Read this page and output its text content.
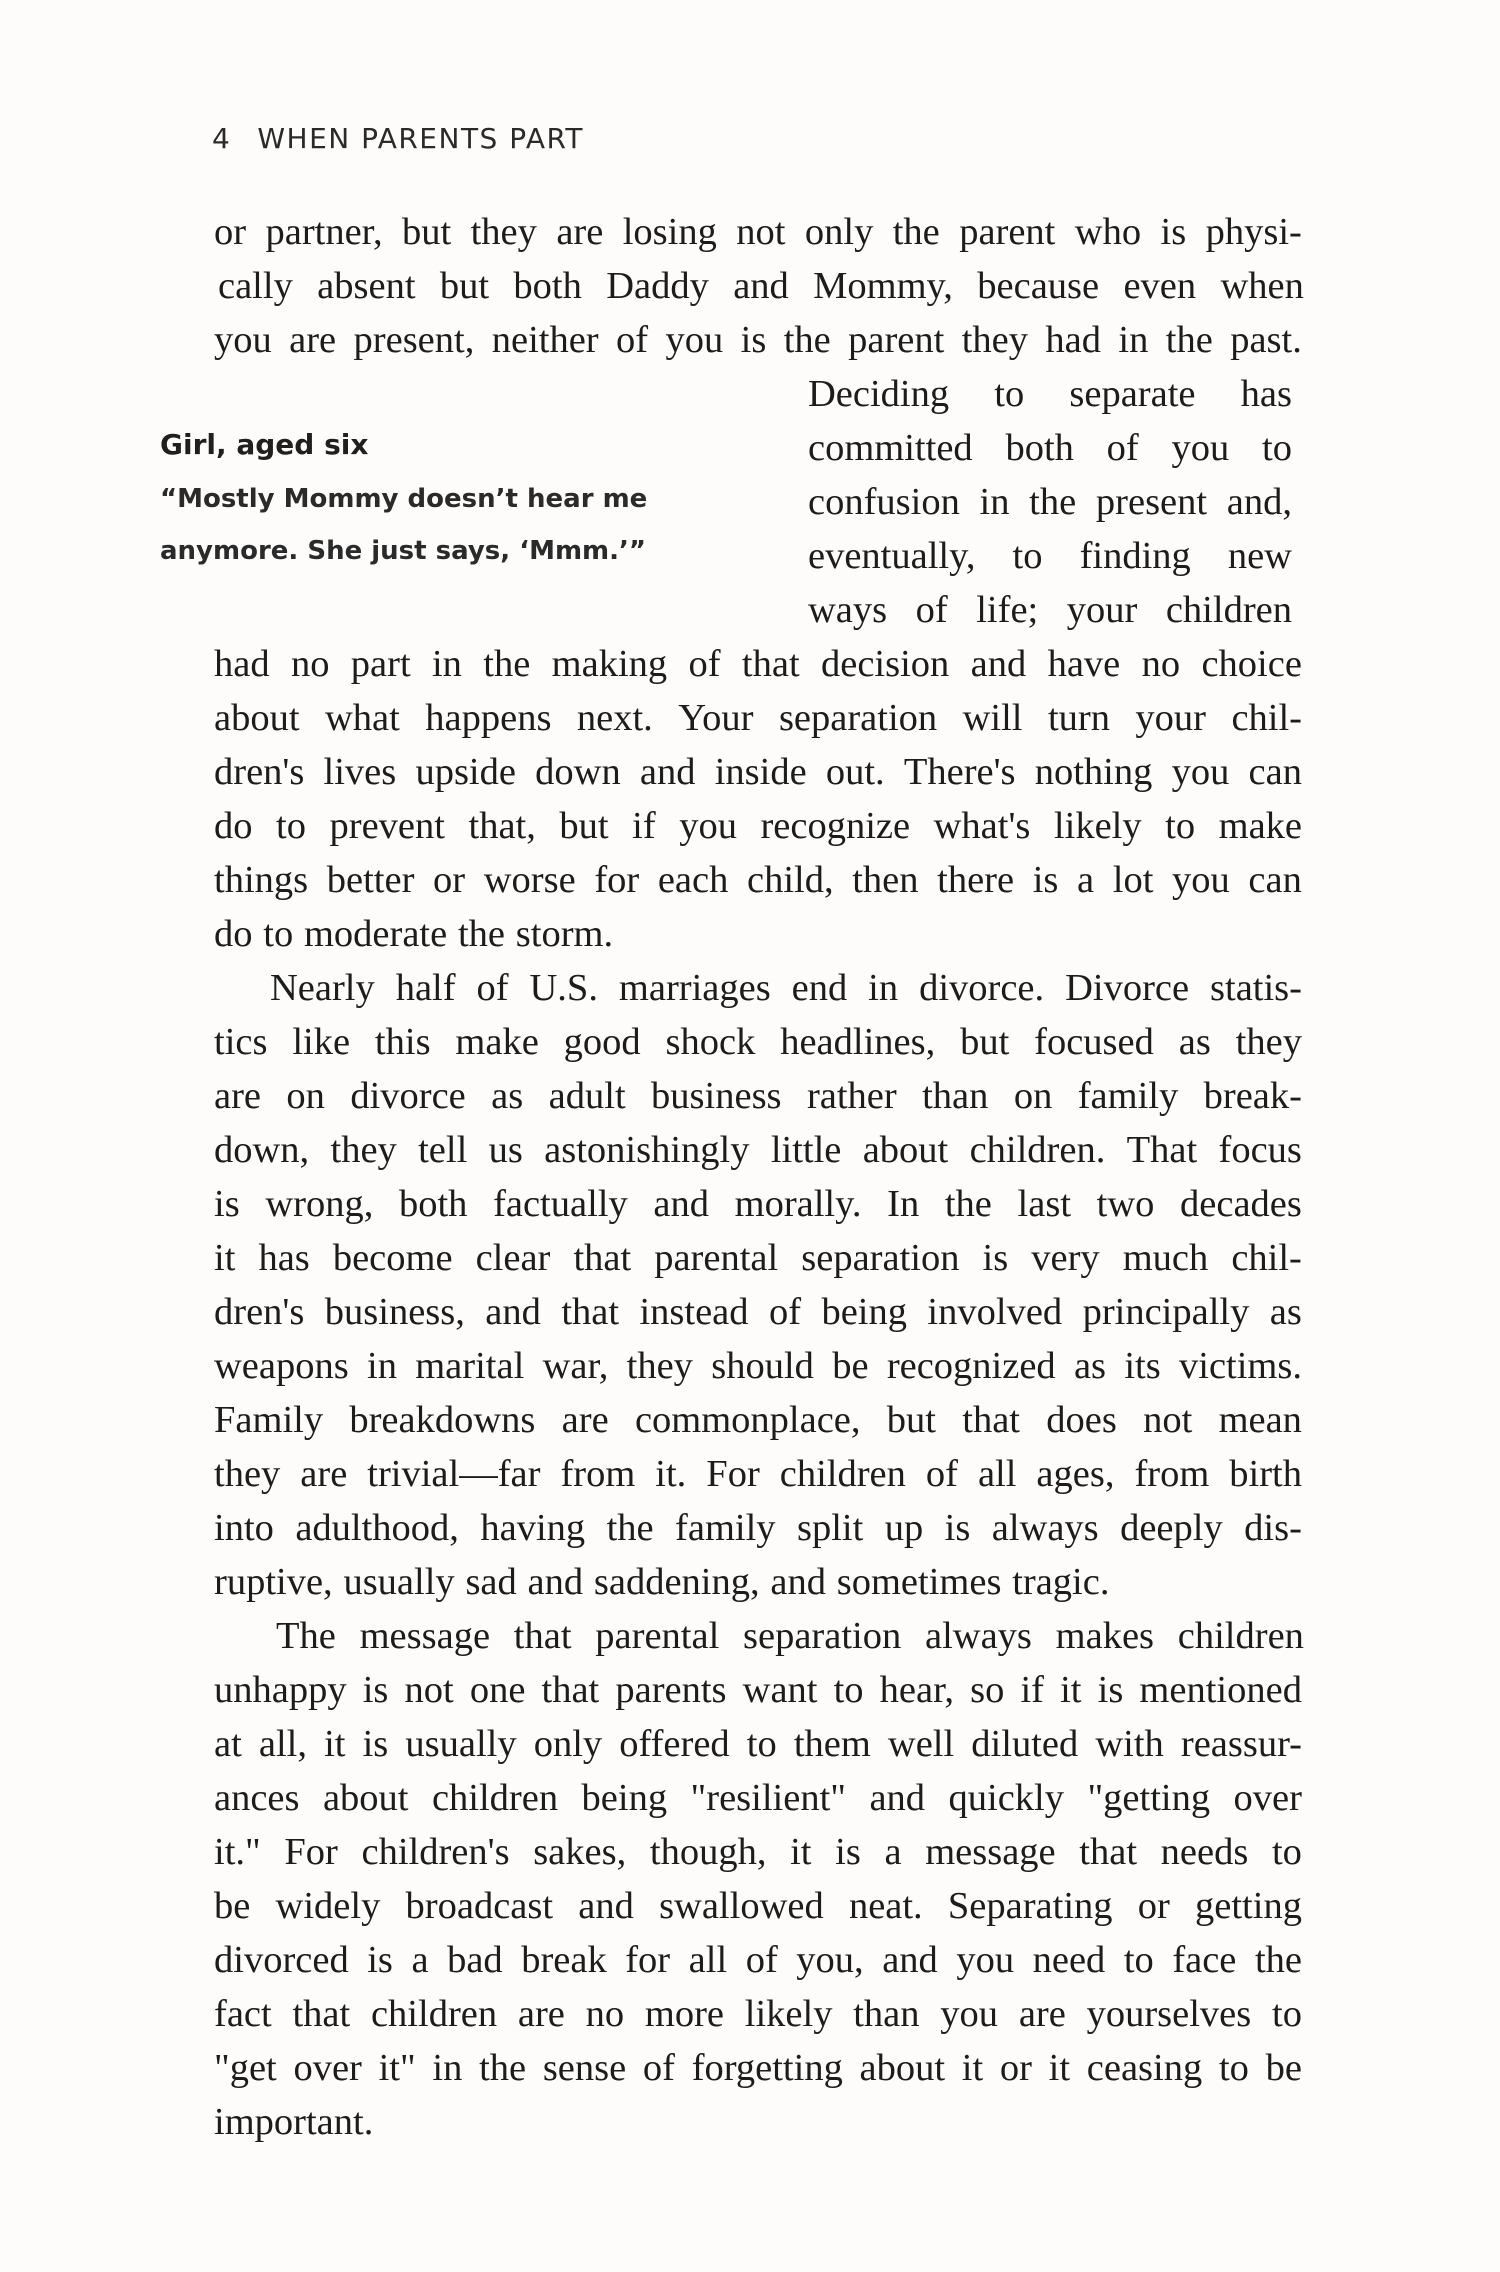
4 WHEN PARENTS PART
Girl, aged six
“Mostly Mommy doesn’t hear me
anymore. She just says, ‘Mmm.’”
or partner, but they are losing not only the parent who is physi-
cally absent but both Daddy and Mommy, because even when
you are present, neither of you is the parent they had in the past.
Deciding to separate has
committed both of you to
confusion in the present and,
eventually, to finding new
ways of life; your children
had no part in the making of that decision and have no choice
about what happens next. Your separation will turn your chil-
dren's lives upside down and inside out. There's nothing you can
do to prevent that, but if you recognize what's likely to make
things better or worse for each child, then there is a lot you can
do to moderate the storm.
Nearly half of U.S. marriages end in divorce. Divorce statis-
tics like this make good shock headlines, but focused as they
are on divorce as adult business rather than on family break-
down, they tell us astonishingly little about children. That focus
is wrong, both factually and morally. In the last two decades
it has become clear that parental separation is very much chil-
dren's business, and that instead of being involved principally as
weapons in marital war, they should be recognized as its victims.
Family breakdowns are commonplace, but that does not mean
they are trivial—far from it. For children of all ages, from birth
into adulthood, having the family split up is always deeply dis-
ruptive, usually sad and saddening, and sometimes tragic.
The message that parental separation always makes children
unhappy is not one that parents want to hear, so if it is mentioned
at all, it is usually only offered to them well diluted with reassur-
ances about children being "resilient" and quickly "getting over
it." For children's sakes, though, it is a message that needs to
be widely broadcast and swallowed neat. Separating or getting
divorced is a bad break for all of you, and you need to face the
fact that children are no more likely than you are yourselves to
"get over it" in the sense of forgetting about it or it ceasing to be
important.
